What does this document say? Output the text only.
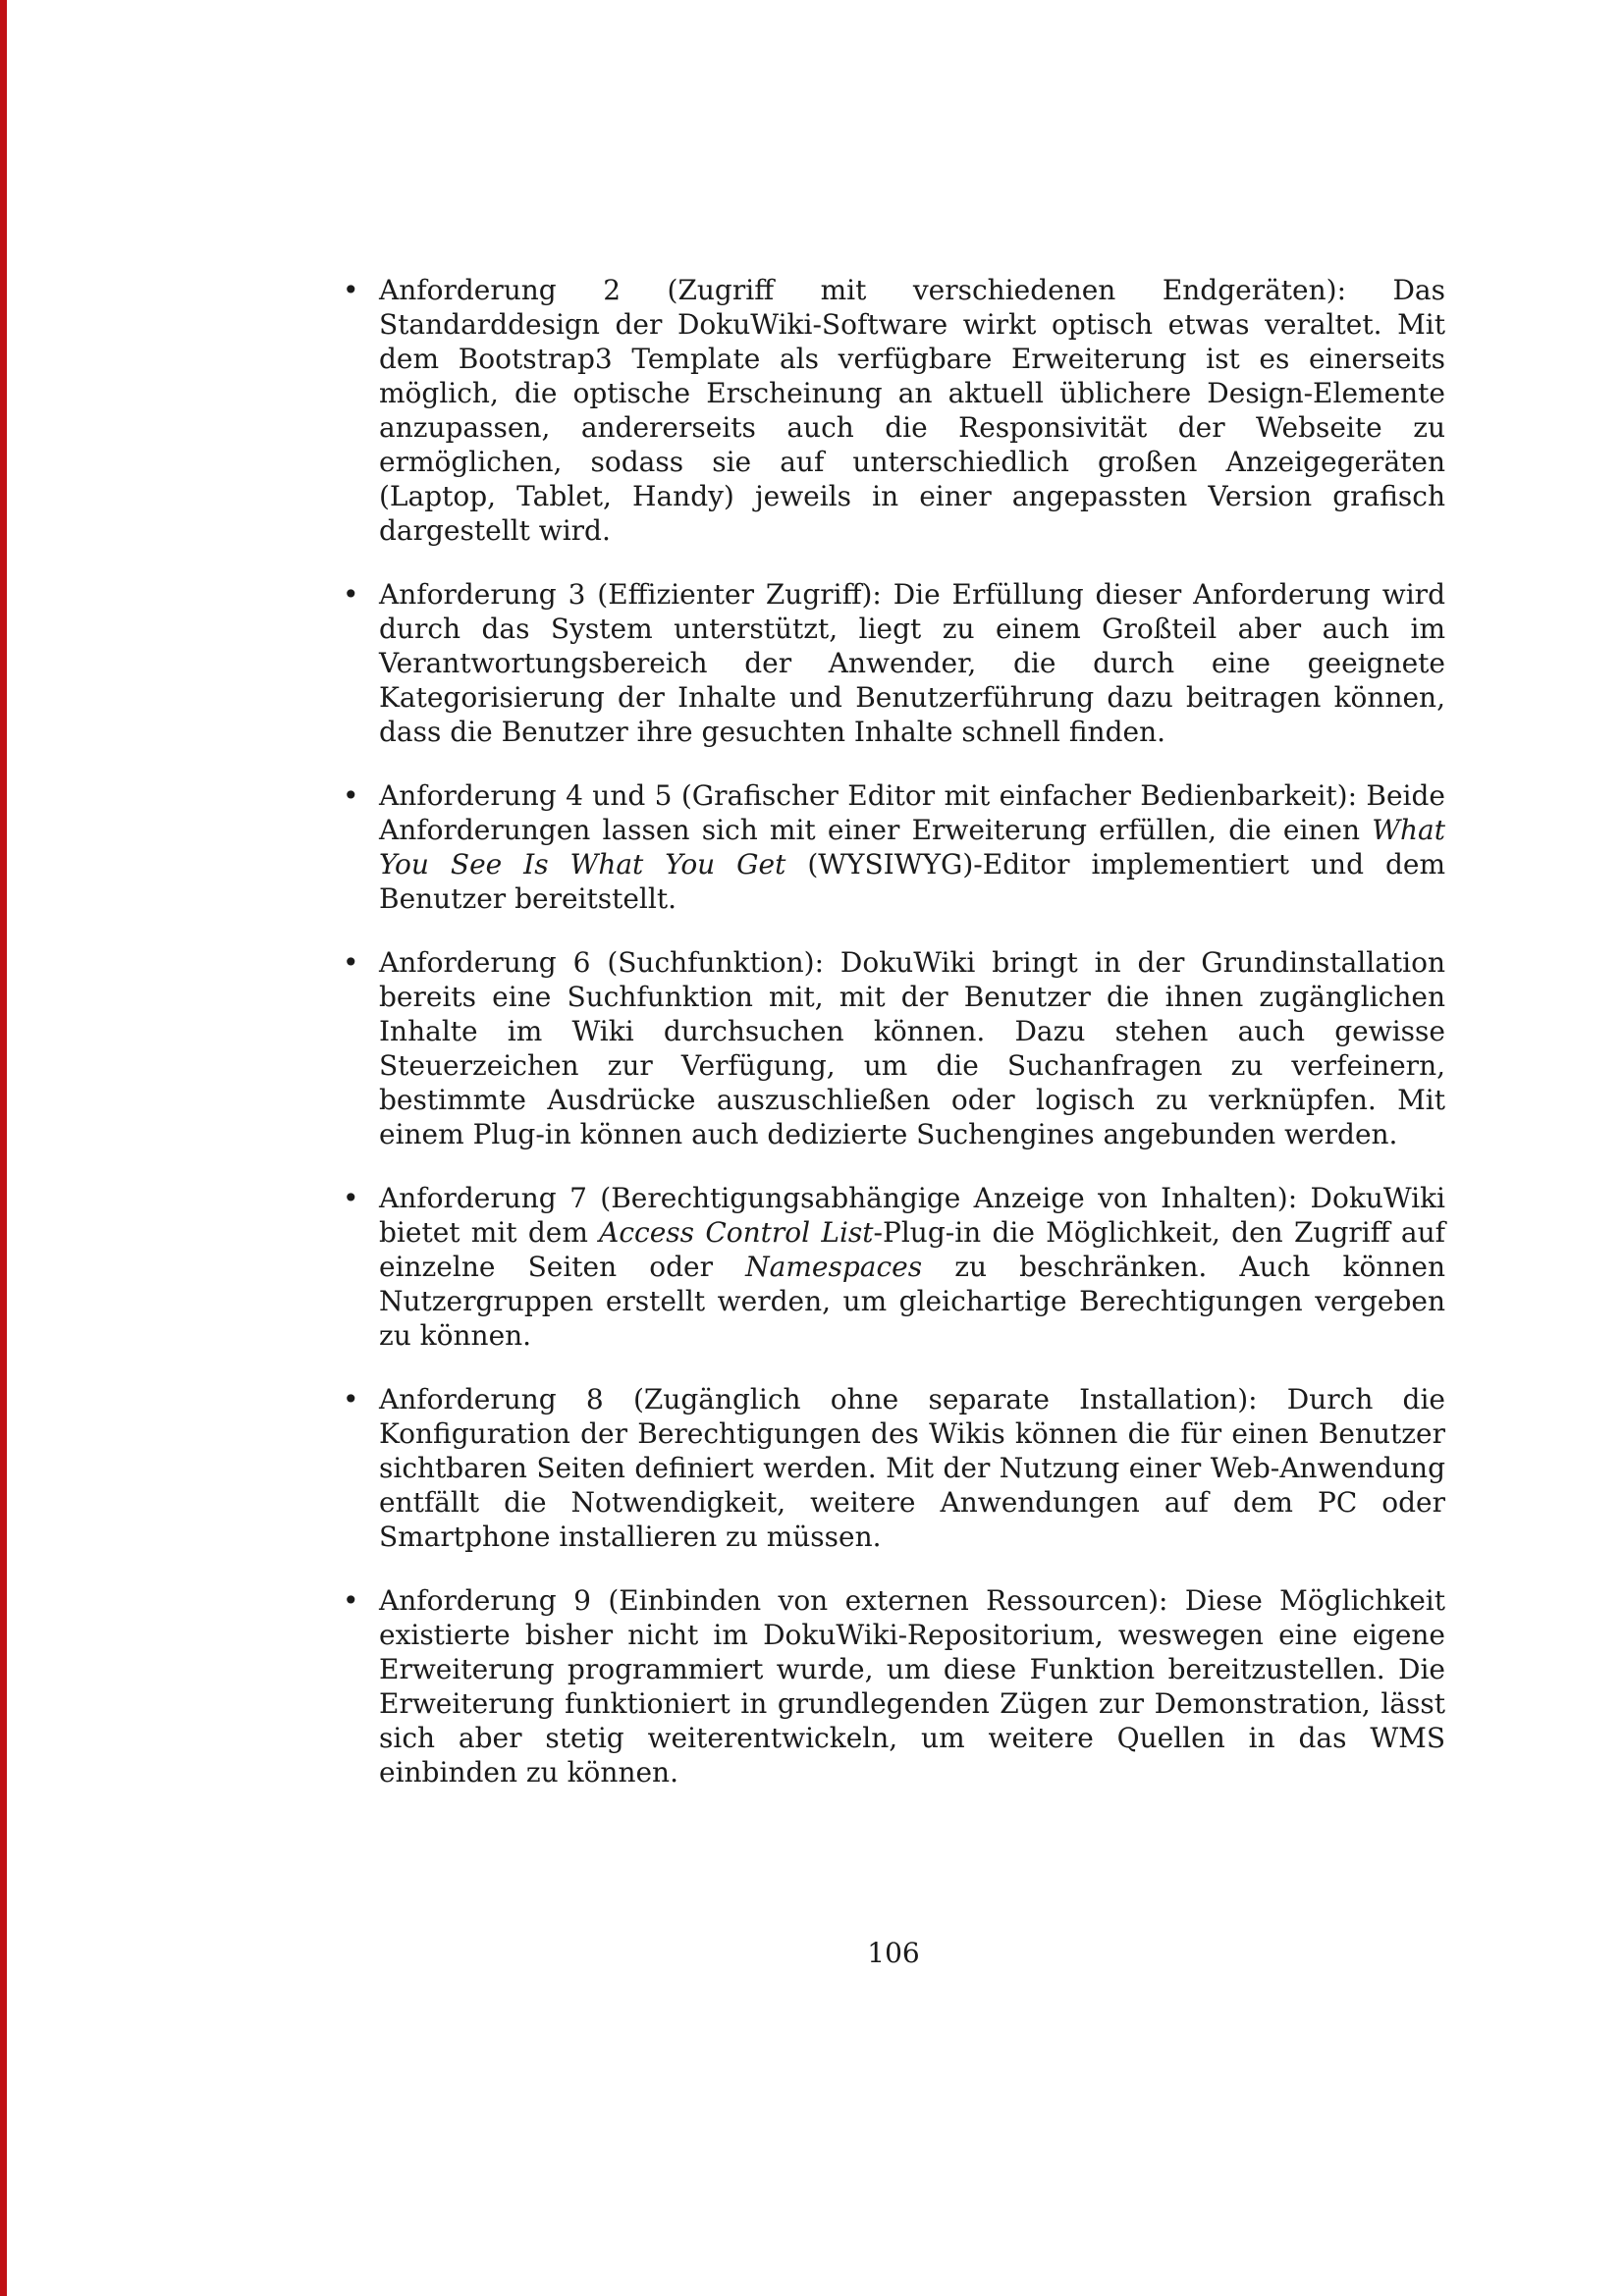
• Anforderung 2 (Zugriff mit verschiedenen Endgeräten): Das Standarddesign der DokuWiki-Software wirkt optisch etwas veraltet. Mit dem Bootstrap3 Template als verfügbare Erweiterung ist es einerseits möglich, die optische Erscheinung an aktuell üblichere Design-Elemente anzupassen, andererseits auch die Responsivität der Webseite zu ermöglichen, sodass sie auf unterschiedlich großen Anzeigegeräten (Laptop, Tablet, Handy) jeweils in einer angepassten Version grafisch dargestellt wird.
• Anforderung 3 (Effizienter Zugriff): Die Erfüllung dieser Anforderung wird durch das System unterstützt, liegt zu einem Großteil aber auch im Verantwortungsbereich der Anwender, die durch eine geeignete Kategorisierung der Inhalte und Benutzerführung dazu beitragen können, dass die Benutzer ihre gesuchten Inhalte schnell finden.
• Anforderung 4 und 5 (Grafischer Editor mit einfacher Bedienbarkeit): Beide Anforderungen lassen sich mit einer Erweiterung erfüllen, die einen What You See Is What You Get (WYSIWYG)-Editor implementiert und dem Benutzer bereitstellt.
• Anforderung 6 (Suchfunktion): DokuWiki bringt in der Grundinstallation bereits eine Suchfunktion mit, mit der Benutzer die ihnen zugänglichen Inhalte im Wiki durchsuchen können. Dazu stehen auch gewisse Steuerzeichen zur Verfügung, um die Suchanfragen zu verfeinern, bestimmte Ausdrücke auszuschließen oder logisch zu verknüpfen. Mit einem Plug-in können auch dedizierte Suchengines angebunden werden.
• Anforderung 7 (Berechtigungsabhängige Anzeige von Inhalten): DokuWiki bietet mit dem Access Control List-Plug-in die Möglichkeit, den Zugriff auf einzelne Seiten oder Namespaces zu beschränken. Auch können Nutzergruppen erstellt werden, um gleichartige Berechtigungen vergeben zu können.
• Anforderung 8 (Zugänglich ohne separate Installation): Durch die Konfiguration der Berechtigungen des Wikis können die für einen Benutzer sichtbaren Seiten definiert werden. Mit der Nutzung einer Web-Anwendung entfällt die Notwendigkeit, weitere Anwendungen auf dem PC oder Smartphone installieren zu müssen.
• Anforderung 9 (Einbinden von externen Ressourcen): Diese Möglichkeit existierte bisher nicht im DokuWiki-Repositorium, weswegen eine eigene Erweiterung programmiert wurde, um diese Funktion bereitzustellen. Die Erweiterung funktioniert in grundlegenden Zügen zur Demonstration, lässt sich aber stetig weiterentwickeln, um weitere Quellen in das WMS einbinden zu können.
106
